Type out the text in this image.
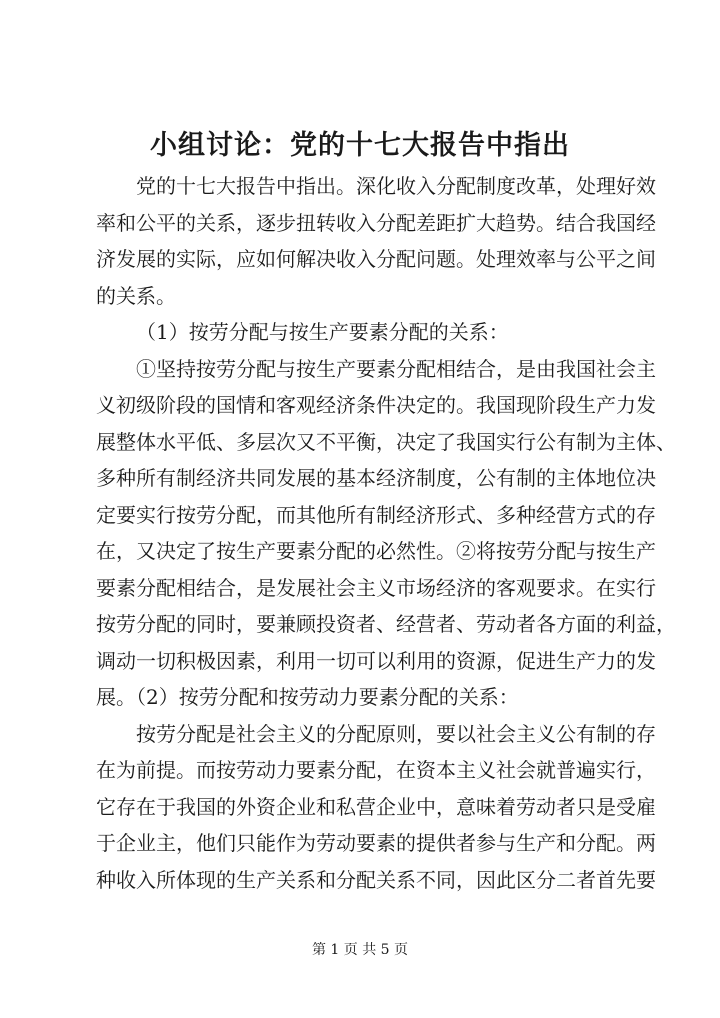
小组讨论：党的十七大报告中指出
党的十七大报告中指出。深化收入分配制度改革，处理好效
率和公平的关系，逐步扭转收入分配差距扩大趋势。结合我国经
济发展的实际，应如何解决收入分配问题。处理效率与公平之间
的关系。
（1）按劳分配与按生产要素分配的关系：
①坚持按劳分配与按生产要素分配相结合，是由我国社会主
义初级阶段的国情和客观经济条件决定的。我国现阶段生产力发
展整体水平低、多层次又不平衡，决定了我国实行公有制为主体、
多种所有制经济共同发展的基本经济制度，公有制的主体地位决
定要实行按劳分配，而其他所有制经济形式、多种经营方式的存
在，又决定了按生产要素分配的必然性。②将按劳分配与按生产
要素分配相结合，是发展社会主义市场经济的客观要求。在实行
按劳分配的同时，要兼顾投资者、经营者、劳动者各方面的利益，
调动一切积极因素，利用一切可以利用的资源，促进生产力的发
展。（2）按劳分配和按劳动力要素分配的关系：
按劳分配是社会主义的分配原则，要以社会主义公有制的存
在为前提。而按劳动力要素分配，在资本主义社会就普遍实行，
它存在于我国的外资企业和私营企业中，意味着劳动者只是受雇
于企业主，他们只能作为劳动要素的提供者参与生产和分配。两
种收入所体现的生产关系和分配关系不同，因此区分二者首先要
第 1 页 共 5 页
